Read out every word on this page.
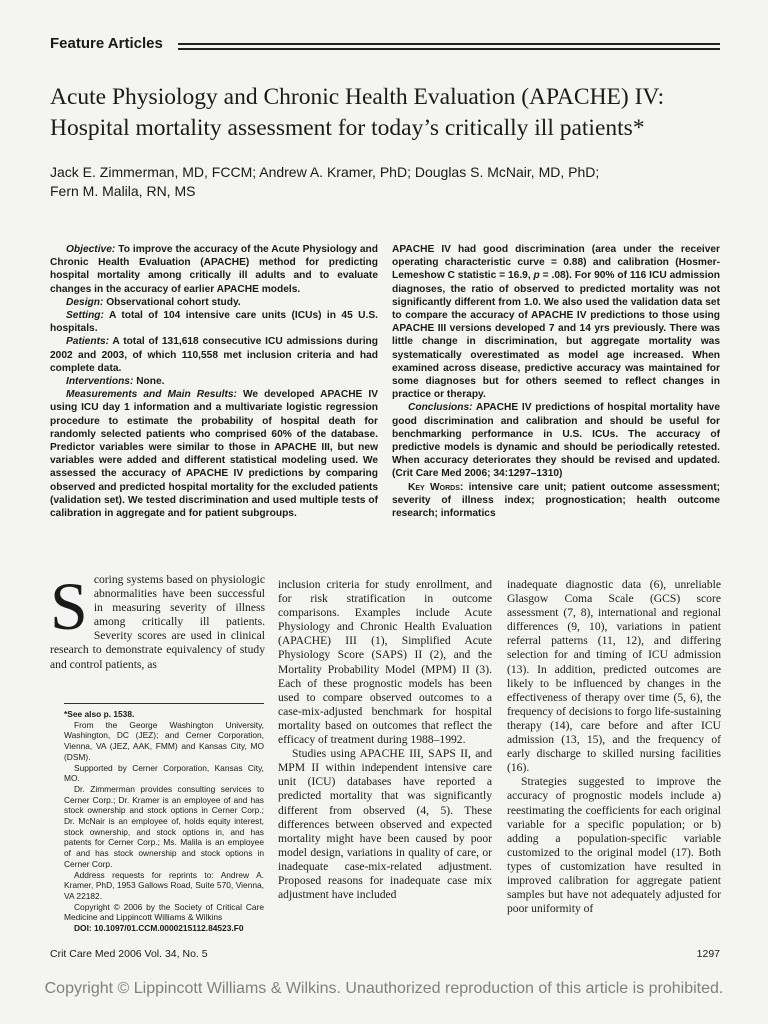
Feature Articles
Acute Physiology and Chronic Health Evaluation (APACHE) IV:
Hospital mortality assessment for today’s critically ill patients*
Jack E. Zimmerman, MD, FCCM; Andrew A. Kramer, PhD; Douglas S. McNair, MD, PhD;
Fern M. Malila, RN, MS

Objective: To improve the accuracy of the Acute Physiology and Chronic Health Evaluation (APACHE) method for predicting hospital mortality among critically ill adults and to evaluate changes in the accuracy of earlier APACHE models.

Design: Observational cohort study.

Setting: A total of 104 intensive care units (ICUs) in 45 U.S. hospitals.

Patients: A total of 131,618 consecutive ICU admissions during 2002 and 2003, of which 110,558 met inclusion criteria and had complete data.

Interventions: None.

Measurements and Main Results: We developed APACHE IV using ICU day 1 information and a multivariate logistic regression procedure to estimate the probability of hospital death for randomly selected patients who comprised 60% of the database. Predictor variables were similar to those in APACHE III, but new variables were added and different statistical modeling used. We assessed the accuracy of APACHE IV predictions by comparing observed and predicted hospital mortality for the excluded patients (validation set). We tested discrimination and used multiple tests of calibration in aggregate and for patient subgroups.

APACHE IV had good discrimination (area under the receiver operating characteristic curve = 0.88) and calibration (Hosmer-Lemeshow C statistic = 16.9, p = .08). For 90% of 116 ICU admission diagnoses, the ratio of observed to predicted mortality was not significantly different from 1.0. We also used the validation data set to compare the accuracy of APACHE IV predictions to those using APACHE III versions developed 7 and 14 yrs previously. There was little change in discrimination, but aggregate mortality was systematically overestimated as model age increased. When examined across disease, predictive accuracy was maintained for some diagnoses but for others seemed to reflect changes in practice or therapy.

Conclusions: APACHE IV predictions of hospital mortality have good discrimination and calibration and should be useful for benchmarking performance in U.S. ICUs. The accuracy of predictive models is dynamic and should be periodically retested. When accuracy deteriorates they should be revised and updated. (Crit Care Med 2006; 34:1297–1310)

Key Words: intensive care unit; patient outcome assessment; severity of illness index; prognostication; health outcome research; informatics

Scoring systems based on physiologic abnormalities have been successful in measuring severity of illness among critically ill patients. Severity scores are used in clinical research to demonstrate equivalency of study and control patients, as

*See also p. 1538.

From the George Washington University, Washington, DC (JEZ); and Cerner Corporation, Vienna, VA (JEZ, AAK, FMM) and Kansas City, MO (DSM).

Supported by Cerner Corporation, Kansas City, MO.

Dr. Zimmerman provides consulting services to Cerner Corp.; Dr. Kramer is an employee of and has stock ownership and stock options in Cerner Corp.; Dr. McNair is an employee of, holds equity interest, stock ownership, and stock options in, and has patents for Cerner Corp.; Ms. Malila is an employee of and has stock ownership and stock options in Cerner Corp.

Address requests for reprints to: Andrew A. Kramer, PhD, 1953 Gallows Road, Suite 570, Vienna, VA 22182.

Copyright © 2006 by the Society of Critical Care Medicine and Lippincott Williams & Wilkins

DOI: 10.1097/01.CCM.0000215112.84523.F0

inclusion criteria for study enrollment, and for risk stratification in outcome comparisons. Examples include Acute Physiology and Chronic Health Evaluation (APACHE) III (1), Simplified Acute Physiology Score (SAPS) II (2), and the Mortality Probability Model (MPM) II (3). Each of these prognostic models has been used to compare observed outcomes to a case-mix-adjusted benchmark for hospital mortality based on outcomes that reflect the efficacy of treatment during 1988–1992.

Studies using APACHE III, SAPS II, and MPM II within independent intensive care unit (ICU) databases have reported a predicted mortality that was significantly different from observed (4, 5). These differences between observed and expected mortality might have been caused by poor model design, variations in quality of care, or inadequate case-mix-related adjustment. Proposed reasons for inadequate case mix adjustment have included

inadequate diagnostic data (6), unreliable Glasgow Coma Scale (GCS) score assessment (7, 8), international and regional differences (9, 10), variations in patient referral patterns (11, 12), and differing selection for and timing of ICU admission (13). In addition, predicted outcomes are likely to be influenced by changes in the effectiveness of therapy over time (5, 6), the frequency of decisions to forgo life-sustaining therapy (14), care before and after ICU admission (13, 15), and the frequency of early discharge to skilled nursing facilities (16).

Strategies suggested to improve the accuracy of prognostic models include a) reestimating the coefficients for each original variable for a specific population; or b) adding a population-specific variable customized to the original model (17). Both types of customization have resulted in improved calibration for aggregate patient samples but have not adequately adjusted for poor uniformity of

Crit Care Med 2006 Vol. 34, No. 5	1297
Copyright © Lippincott Williams & Wilkins. Unauthorized reproduction of this article is prohibited.
